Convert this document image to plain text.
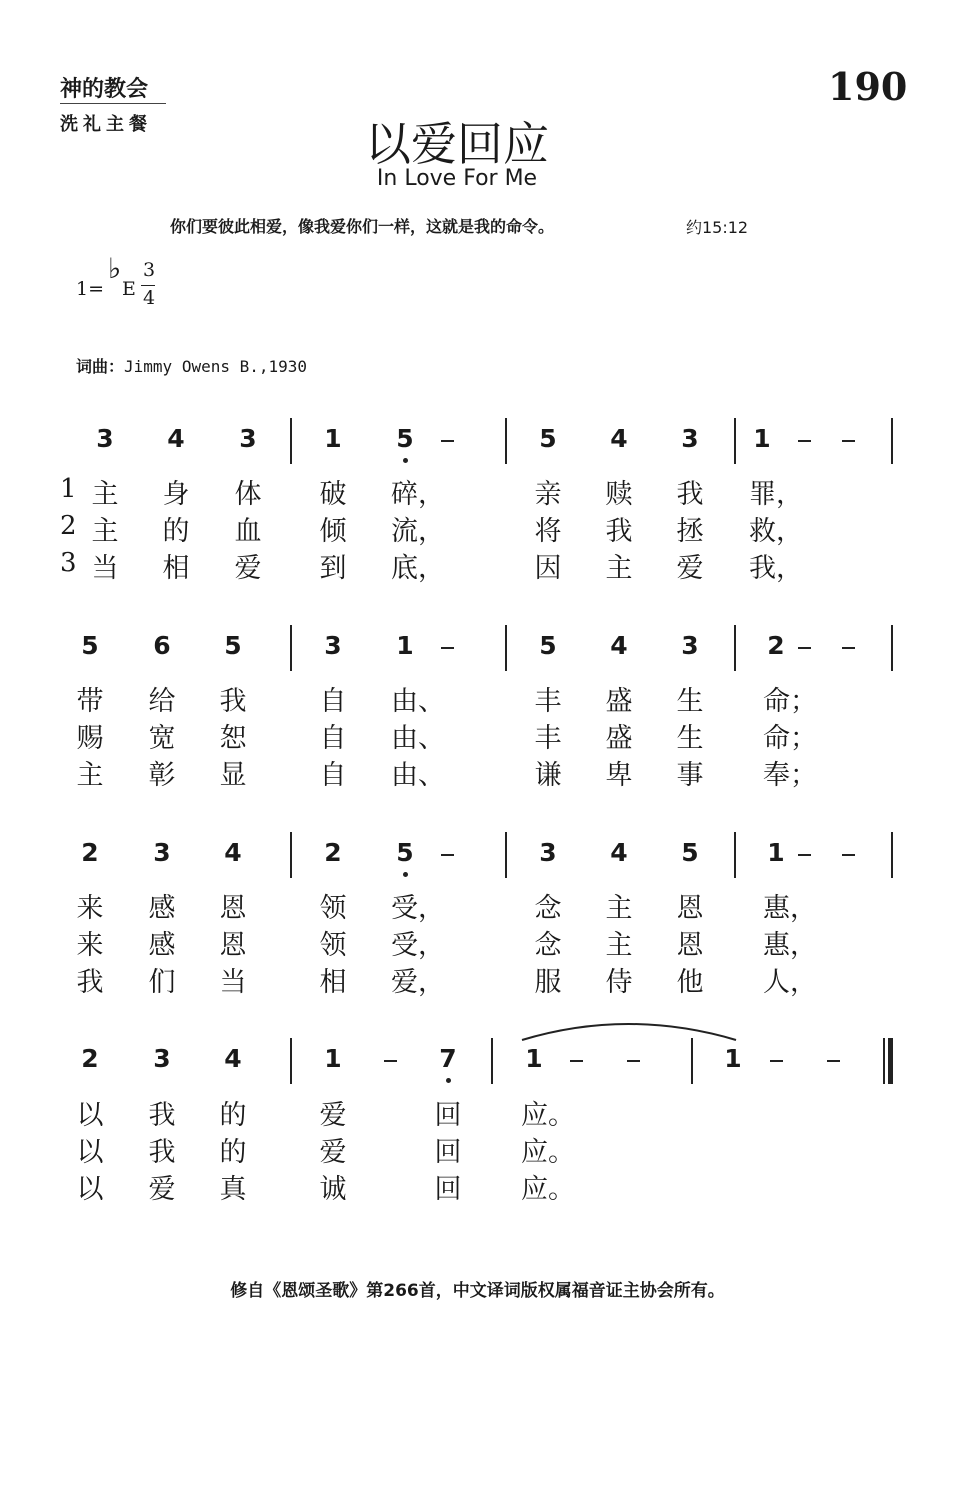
神的教会
洗礼主餐
190
以爱回应
In Love For Me
你们要彼此相爱，像我爱你们一样，这就是我的命令。	约15:12
1=
♭
E
3
4
词曲：Jimmy Owens B.,1930
3 4 3	1 5	5 4 3 1
1
2
3
主 身 体 破 碎，	亲 赎 我 罪，
主 的 血 倾 流，	将 我 拯 救，
当 相 爱 到 底，	因 主 爱 我，
5 6 5	3 1	5 4 3	2
带 给 我	自 由、	丰 盛 生 命；
赐 宽 恕	自 由、	丰 盛 生 命；
主 彰 显	自 由、	谦 卑 事 奉；
2 3 4	2 5	3 4 5	1
来 感 恩	领 受，	念 主 恩 惠，
来 感 恩	领 受，	念 主 恩 惠，
我 们 当	相 爱，	服 侍 他 人，
2 3 4	1	7	1	1
以 我 的	爱	回 应。
以 我 的	爱	回 应。
以 爱 真	诚	回 应。
修自《恩颂圣歌》第266首，中文译词版权属福音证主协会所有。
